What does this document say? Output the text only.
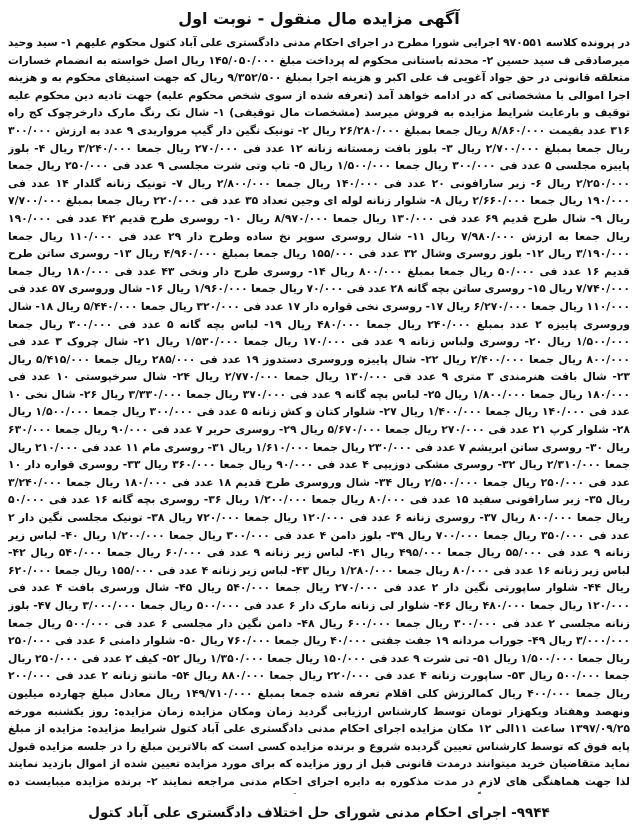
آگهی مزایده مال منقول - نوبت اول
در پرونده کلاسه ۹۷۰۵۵۱ اجرایی شورا مطرح در اجرای احکام مدنی دادگستری علی آباد کتول محکوم علیهم ۱- سید وحید میرصادقی ف سید حسین ۲- محدثه باستانی محکوم‌ له پرداخت مبلغ ۱۴۵/۰۵۰/۰۰۰ ریال اصل خواسته به انضمام خسارات متعلقه قانونی در حق جواد آغویی ف علی اکبر و هزینه اجرا بمبلغ ۹/۳۵۲/۵۰۰ ریال که جهت استیفای محکوم به و هزینه اجرا اموالی با مشخصاتی که در ادامه خواهد آمد (تعرفه شده از سوی شخص محکوم علیه) جهت تادیه دین محکوم علیه توقیف و بارعایت شرایط مزایده به فروش میرسد (مشخصات مال توقیفی) ۱- شال تک رنگ مارک دارخرچوک کج راه ۳۱۶ عدد بقیمت ۸/۸۶۰/۰۰۰ ریال جمعا بمبلغ ۲۶/۲۸۰/۰۰۰ ریال ۲- تونیک نگین دار گیپ مرواریدی ۹ عدد به ارزش ۳۰۰/۰۰۰ ریال جمعا بمبلغ ۲/۷۰۰/۰۰۰ ریال ۳- بلوز بافت زمستانه زنانه ۱۲ عدد فی ۲۷۰/۰۰۰ ریال جمعا ۳/۲۴۰/۰۰۰ ریال ۴- بلوز پاییزه مجلسی ۵ عدد فی ۳۰۰/۰۰۰ ریال جمعا ۱/۵۰۰/۰۰۰ ریال ۵- تاپ وتی شرت مجلسی ۹ عدد فی ۲۵۰/۰۰۰ ریال جمعا ۲/۲۵۰/۰۰۰ ریال ۶- زیر سارافونی ۲۰ عدد فی ۱۴۰/۰۰۰ ریال جمعا ۲/۸۰۰/۰۰۰ ریال ۷- تونیک زنانه گلدار ۱۴ عدد فی ۱۹۰/۰۰۰ ریال جمعا ۲/۶۶۰/۰۰۰ ریال ۸- شلوار زنانه لوله ای وجین تعداد ۳۵ عدد فی ۲۲۰/۰۰۰ ریال جمعا بمبلغ ۷/۷۰۰/۰۰۰ ریال ۹- شال طرح قدیم ۶۹ عدد فی ۱۳۰/۰۰۰ ریال جمعا ۸/۹۷۰/۰۰۰ ریال ۱۰- روسری طرح قدیم ۴۲ عدد فی ۱۹۰/۰۰۰ ریال جمعا به ارزش ۷/۹۸۰/۰۰۰ ریال ۱۱- شال روسری سوپر نخ ساده وطرح دار ۲۹ عدد فی ۱۱۰/۰۰۰ ریال جمعا ۳/۱۹۰/۰۰۰ ریال ۱۲- بلوز روسری وشال ۳۲ عدد فی ۱۵۵/۰۰۰ ریال جمعا بمبلغ ۴/۹۶۰/۰۰۰ ریال ۱۳- روسری ساتن طرح قدیم ۱۶ عدد فی ۵۰/۰۰۰ ریال جمعا بمبلغ ۸۰۰/۰۰۰ ریال ۱۴- روسری طرح دار ونخی ۴۳ عدد فی ۱۸۰/۰۰۰ ریال جمعا ۷/۷۴۰/۰۰۰ ریال ۱۵- روسری ساتن بچه گانه ۲۸ عدد فی ۷۰/۰۰۰ ریال جمعا ۱/۹۶۰/۰۰۰ ریال ۱۶- شال وروسری ۵۷ عدد فی ۱۱۰/۰۰۰ ریال جمعا ۶/۲۷۰/۰۰۰ ریال ۱۷- روسری نخی قواره دار ۱۷ عدد فی ۳۲۰/۰۰۰ ریال جمعا ۵/۴۴۰/۰۰۰ ریال ۱۸- شال وروسری پاییزه ۲ عدد بمبلغ ۲۴۰/۰۰۰ ریال جمعا ۴۸۰/۰۰۰ ریال ۱۹- لباس بچه گانه ۵ عدد فی ۳۰۰/۰۰۰ ریال جمعا ۱/۵۰۰/۰۰۰ ریال ۲۰- روسری ولباس زنانه ۹ عدد فی ۱۷۰/۰۰۰ ریال جمعا ۱/۵۳۰/۰۰۰ ریال ۲۱- شال چروک ۳ عدد فی ۸۰۰/۰۰۰ ریال جمعا ۲/۴۰۰/۰۰۰ ریال ۲۲- شال پاییزه وروسری دستدوز ۱۹ عدد فی ۲۸۵/۰۰۰ ریال جمعا ۵/۴۱۵/۰۰۰ ریال ۲۳- شال بافت هنرمندی ۳ متری ۹ عدد فی ۱۳۰/۰۰۰ ریال جمعا ۲/۷۷۰/۰۰۰ ریال ۲۴- شال سرخپوستی ۱۰ عدد فی ۱۸۰/۰۰۰ ریال جمعا ۱/۸۰۰/۰۰۰ ریال ۲۵- لباس بچه گانه ۹ عدد فی ۳۷۰/۰۰۰ ریال جمعا ۳/۳۳۰/۰۰۰ ریال ۲۶- شال نخی ۱۰ عدد فی ۱۴۰/۰۰۰ ریال جمعا ۱/۴۰۰/۰۰۰ ریال ۲۷- شلوار کتان و کش زنانه ۵ عدد فی ۳۰۰/۰۰۰ ریال جمعا ۱/۵۰۰/۰۰۰ ریال ۲۸- شلوار کرپ ۲۱ عدد فی ۲۷۰/۰۰۰ ریال جمعا ۵/۶۷۰/۰۰۰ ریال ۲۹- روسری حریر ۷ عدد فی ۹۰/۰۰۰ ریال جمعا ۶۳۰/۰۰۰ ریال ۳۰- روسری ساتن ابریشم ۷ عدد فی ۲۳۰/۰۰۰ ریال جمعا ۱/۶۱۰/۰۰۰ ریال ۳۱- روسری مام ۱۱ عدد فی ۲۱۰/۰۰۰ ریال جمعا ۲/۳۱۰/۰۰۰ ریال ۳۲- روسری مشکی دوزیپی ۴ عدد فی ۹۰/۰۰۰ ریال جمعا ۳۶۰/۰۰۰ ریال ۳۳- روسری قواره دار ۱۰ عدد فی ۲۵۰/۰۰۰ ریال جمعا ۲/۵۰۰/۰۰۰ ریال ۳۴- شال وروسری طرح قدیم ۱۸ عدد فی ۱۸۰/۰۰۰ ریال جمعا ۳/۲۴۰/۰۰۰ ریال ۳۵- زیر سارافونی سفید ۱۵ عدد فی ۸۰/۰۰۰ ریال جمعا ۱/۲۰۰/۰۰۰ ریال ۳۶- روسری بچه گانه ۱۶ عدد فی ۵۰/۰۰۰ ریال جمعا ۸۰۰/۰۰۰ ریال ۳۷- روسری زنانه ۶ عدد فی ۱۲۰/۰۰۰ ریال جمعا ۷۲۰/۰۰۰ ریال ۳۸- تونیک مجلسی نگین دار ۲ عدد فی ۳۵۰/۰۰۰ ریال جمعا ۷۰۰/۰۰۰ ریال ۳۹- بلوز دامن ۴ عدد فی ۳۰۰/۰۰۰ ریال جمعا ۱/۲۰۰/۰۰۰ ریال ۴۰- لباس زیر زنانه ۹ عدد فی ۵۵/۰۰۰ ریال جمعا ۴۹۵/۰۰۰ ریال ۴۱- لباس زیر زنانه ۹ عدد فی ۶۰/۰۰۰ ریال جمعا ۵۴۰/۰۰۰ ریال ۴۲- لباس زیر زنانه ۱۶ عدد فی ۸۰/۰۰۰ ریال جمعا ۱/۲۸۰/۰۰۰ ریال ۴۳- لباس زیر زنانه ۴ عدد فی ۱۵۵/۰۰۰ ریال جمعا ۶۲۰/۰۰۰ ریال ۴۴- شلوار ساپورتی نگین دار ۲ عدد فی ۲۷۰/۰۰۰ ریال جمعا ۵۴۰/۰۰۰ ریال ۴۵- شال ورسری بافت ۴ عدد فی ۱۲۰/۰۰۰ ریال جمعا ۴۸۰/۰۰۰ ریال ۴۶- شلوار لی زنانه مارک دار ۶ عدد فی ۵۰۰/۰۰۰ ریال جمعا ۳/۰۰۰/۰۰۰ ریال ۴۷- بلوز زنانه مجلسی ۲ عدد فی ۳۰۰/۰۰۰ ریال جمعا ۶۰۰/۰۰۰ ریال ۴۸- دامن نگین دار مجلسی ۶ عدد فی ۵۰۰/۰۰۰ ریال جمعا ۳/۰۰۰/۰۰۰ ریال ۴۹- جوراب مردانه ۱۹ جفت جفتی ۴۰/۰۰۰ ریال جمعا ۷۶۰/۰۰۰ ریال ۵۰- شلوار دامنی ۶ عدد فی ۲۵۰/۰۰۰ ریال جمعا ۱/۵۰۰/۰۰۰ ریال ۵۱- تی شرت ۹ عدد فی ۱۵۰/۰۰۰ ریال جمعا ۱/۳۵۰/۰۰۰ ریال ۵۲- کیف ۲ عدد فی ۲۵۰/۰۰۰ ریال جمعا ۵۰۰/۰۰۰ ریال ۵۳- ساپورت زنانه ۴ عدد فی ۲۲۰/۰۰۰ ریال جمعا ۸۸۰/۰۰۰ ریال ۵۴- مانتو زنانه ۲ عدد فی ۲۰۰/۰۰۰ ریال جمعا ۴۰۰/۰۰۰ ریال کمالرزش کلی اقلام تعرفه شده جمعا بمبلغ ۱۴۹/۷۱۰/۰۰۰ ریال معادل مبلغ چهارده میلیون ونهصد وهفتاد ویکهزار تومان توسط کارشناس ارزیابی گردید زمان ومکان مزایده زمان مزایده: روز یکشنبه مورخه ۱۳۹۷/۰۹/۲۵ ساعت ۱۱الی ۱۲ مکان مزایده اجرای احکام مدنی دادگستری علی آباد کتول شرایط مزایده: مزایده از مبلغ پایه فوق که توسط کارشناس تعیین گردیده شروع و برنده مزایده کسی است که بالاترین مبلغ را در جلسه مزایده قبول نماید متقاضیان خرید میتوانند درمدت قانونی قبل از روز مزایده که برای مورد مزایده تعیین شده از اموال بازدید نمایند لذا جهت هماهنگی های لازم در مدت مذکوره به دایره اجرای احکام مدنی مراجعه نمایند ۲- برنده مزایده میبایست ده
۹۹۴۴- اجرای احکام مدنی شورای حل اختلاف دادگستری علی آباد کتول
